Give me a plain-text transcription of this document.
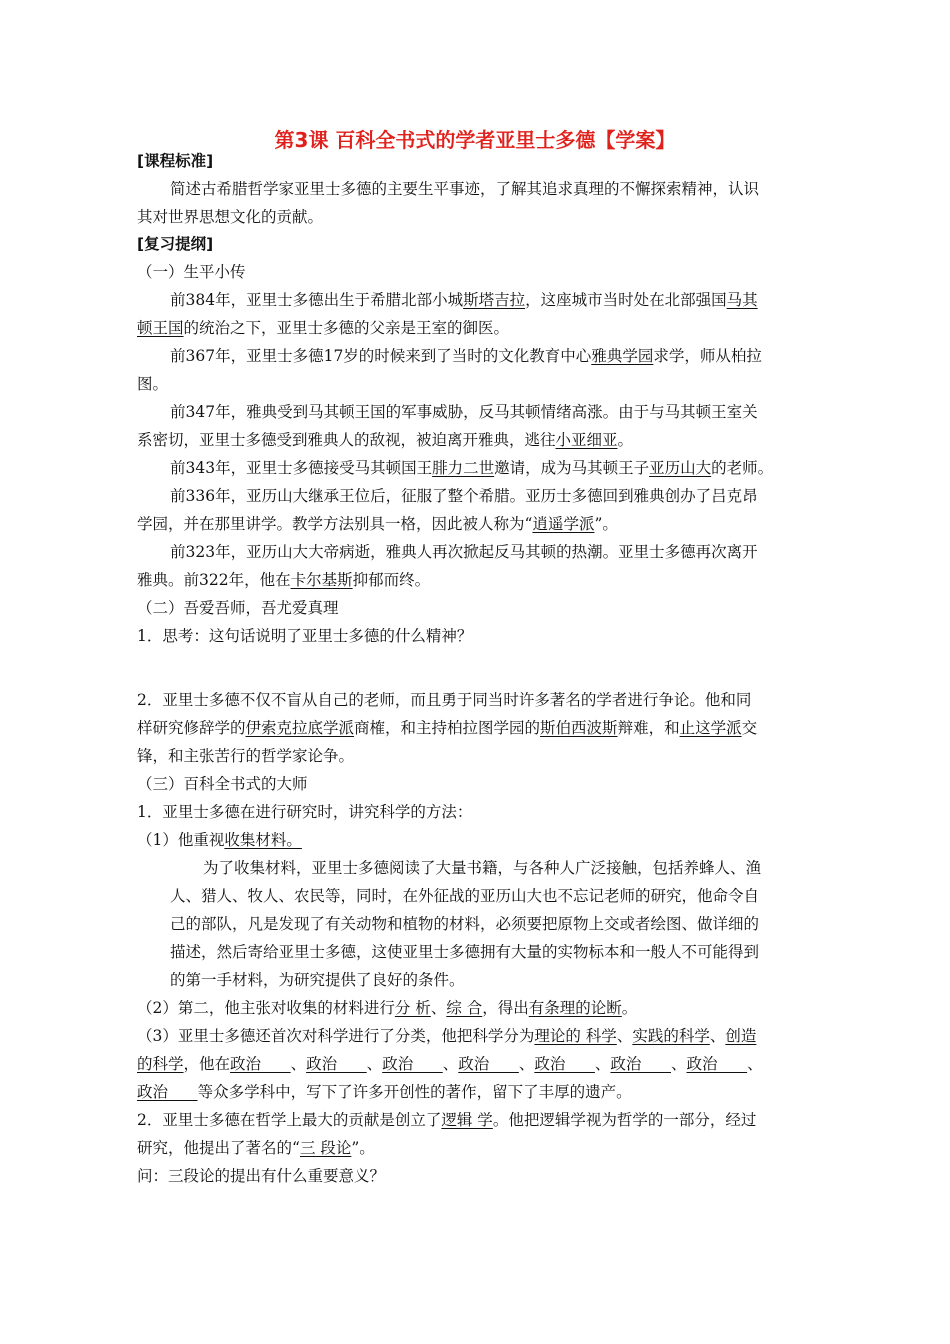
第3课 百科全书式的学者亚里士多德【学案】
[课程标准]
简述古希腊哲学家亚里士多德的主要生平事迹，了解其追求真理的不懈探索精神，认识
其对世界思想文化的贡献。
[复习提纲]
（一）生平小传
前384年，亚里士多德出生于希腊北部小城斯塔吉拉，这座城市当时处在北部强国马其
顿王国的统治之下，亚里士多德的父亲是王室的御医。
前367年，亚里士多德17岁的时候来到了当时的文化教育中心雅典学园求学，师从柏拉
图。
前347年，雅典受到马其顿王国的军事威胁，反马其顿情绪高涨。由于与马其顿王室关
系密切，亚里士多德受到雅典人的敌视，被迫离开雅典，逃往小亚细亚。
前343年，亚里士多德接受马其顿国王腓力二世邀请，成为马其顿王子亚历山大的老师。
前336年，亚历山大继承王位后，征服了整个希腊。亚历士多德回到雅典创办了吕克昂
学园，并在那里讲学。教学方法别具一格，因此被人称为“逍遥学派”。
前323年，亚历山大大帝病逝，雅典人再次掀起反马其顿的热潮。亚里士多德再次离开
雅典。前322年，他在卡尔基斯抑郁而终。
（二）吾爱吾师，吾尤爱真理
1．思考：这句话说明了亚里士多德的什么精神？
2．亚里士多德不仅不盲从自己的老师，而且勇于同当时许多著名的学者进行争论。他和同
样研究修辞学的伊索克拉底学派商榷，和主持柏拉图学园的斯伯西波斯辩难，和止这学派交
锋，和主张苦行的哲学家论争。
（三）百科全书式的大师
1．亚里士多德在进行研究时，讲究科学的方法：
（1）他重视收集材料。
为了收集材料，亚里士多德阅读了大量书籍，与各种人广泛接触，包括养蜂人、渔
人、猎人、牧人、农民等，同时，在外征战的亚历山大也不忘记老师的研究，他命令自
己的部队，凡是发现了有关动物和植物的材料，必须要把原物上交或者绘图、做详细的
描述，然后寄给亚里士多德，这使亚里士多德拥有大量的实物标本和一般人不可能得到
的第一手材料，为研究提供了良好的条件。
（2）第二，他主张对收集的材料进行分 析、综 合，得出有条理的论断。
（3）亚里士多德还首次对科学进行了分类，他把科学分为理论的 科学、实践的科学、创造
的科学，他在政治      、政治      、政治      、政治      、政治      、政治      、政治      、
政治      等众多学科中，写下了许多开创性的著作，留下了丰厚的遗产。
2．亚里士多德在哲学上最大的贡献是创立了逻辑 学。他把逻辑学视为哲学的一部分，经过
研究，他提出了著名的“三 段论”。
问：三段论的提出有什么重要意义？
